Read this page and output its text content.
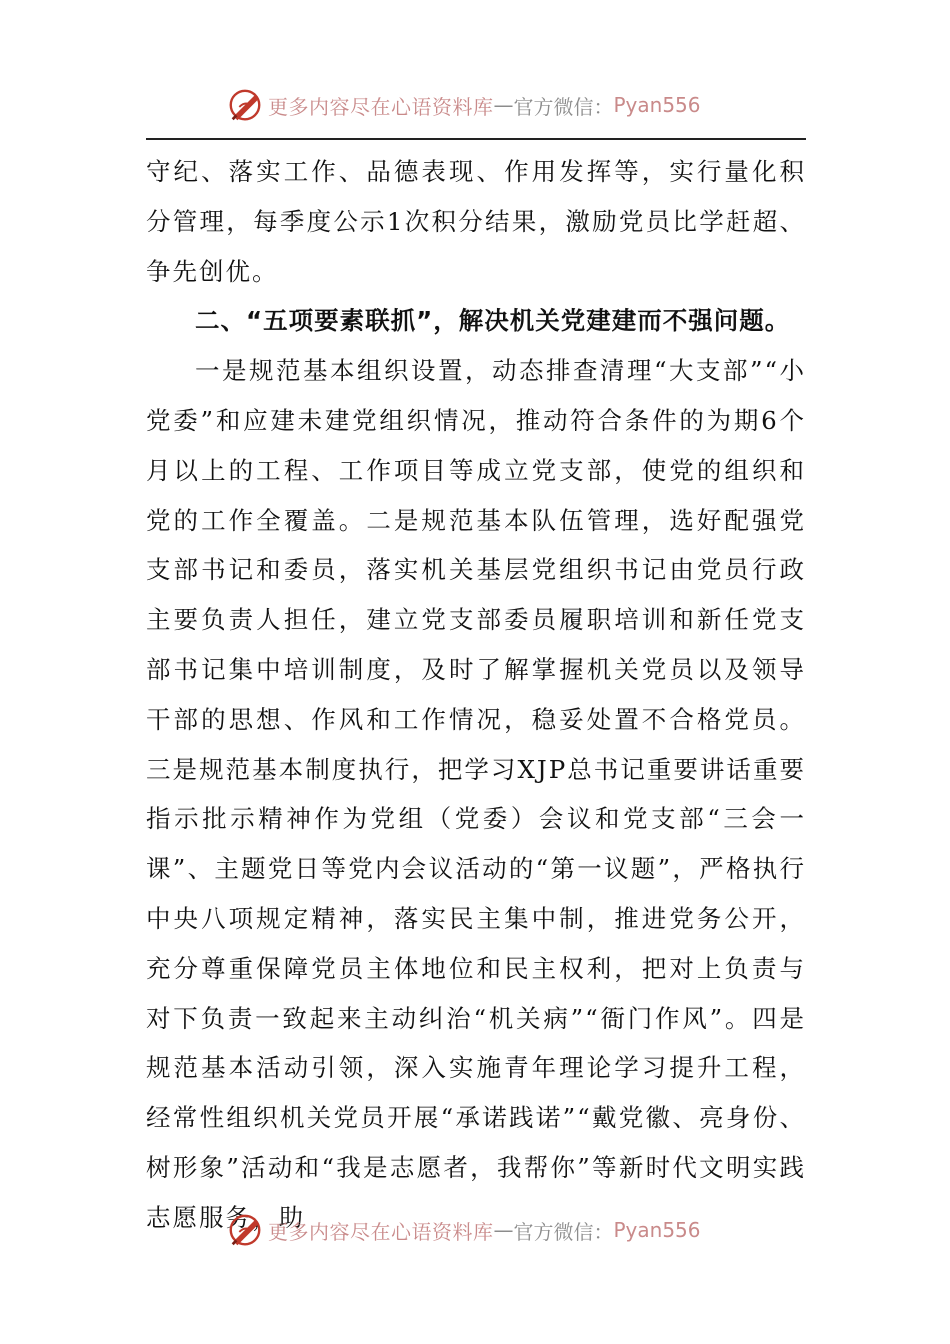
更多内容尽在心语资料库 — 官方微信： Pyan556

守纪、落实工作、品德表现、作用发挥等，实行量化积分管理，每季度公示1次积分结果，激励党员比学赶超、争先创优。

二、“五项要素联抓”，解决机关党建建而不强问题。

一是规范基本组织设置，动态排查清理“大支部”“小党委”和应建未建党组织情况，推动符合条件的为期6个月以上的工程、工作项目等成立党支部，使党的组织和党的工作全覆盖。二是规范基本队伍管理，选好配强党支部书记和委员，落实机关基层党组织书记由党员行政主要负责人担任，建立党支部委员履职培训和新任党支部书记集中培训制度，及时了解掌握机关党员以及领导干部的思想、作风和工作情况，稳妥处置不合格党员。三是规范基本制度执行，把学习XJP总书记重要讲话重要指示批示精神作为党组（党委）会议和党支部“三会一课”、主题党日等党内会议活动的“第一议题”，严格执行中央八项规定精神，落实民主集中制，推进党务公开，充分尊重保障党员主体地位和民主权利，把对上负责与对下负责一致起来主动纠治“机关病”“衙门作风”。四是规范基本活动引领，深入实施青年理论学习提升工程，经常性组织机关党员开展“承诺践诺”“戴党徽、亮身份、树形象”活动和“我是志愿者，我帮你”等新时代文明实践志愿服务，助

更多内容尽在心语资料库 — 官方微信： Pyan556
